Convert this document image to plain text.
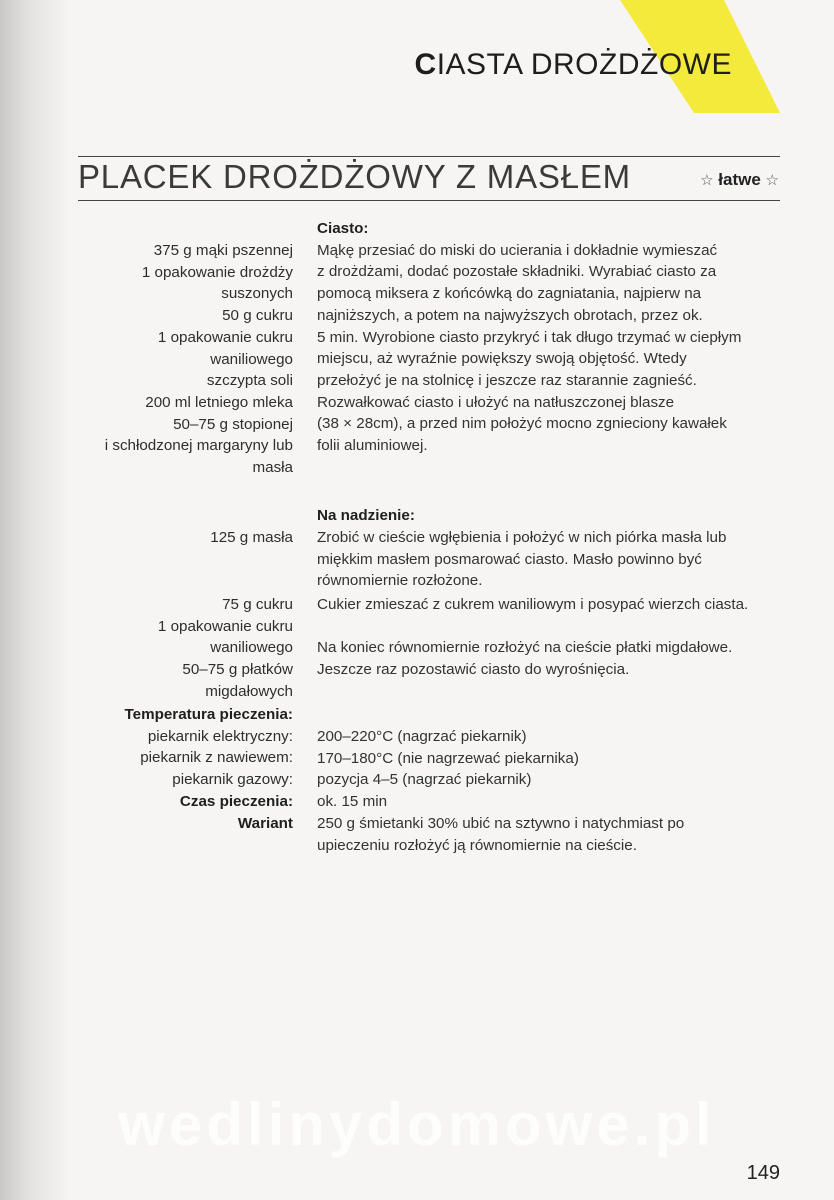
CIASTA DROŻDŻOWE
PLACEK DROŻDŻOWY Z MASŁEM	☆ łatwe ☆
375 g mąki pszennej
1 opakowanie drożdży
suszonych
50 g cukru
1 opakowanie cukru
waniliowego
szczypta soli
200 ml letniego mleka
50–75 g stopionej
i schłodzonej margaryny lub
masła
Ciasto:
Mąkę przesiać do miski do ucierania i dokładnie wymieszać
z drożdżami, dodać pozostałe składniki. Wyrabiać ciasto za
pomocą miksera z końcówką do zagniatania, najpierw na
najniższych, a potem na najwyższych obrotach, przez ok.
5 min. Wyrobione ciasto przykryć i tak długo trzymać w ciepłym
miejscu, aż wyraźnie powiększy swoją objętość. Wtedy
przełożyć je na stolnicę i jeszcze raz starannie zagnieść.
Rozwałkować ciasto i ułożyć na natłuszczonej blasze
(38 × 28cm), a przed nim położyć mocno zgnieciony kawałek
folii aluminiowej.
Na nadzienie:
125 g masła Zrobić w cieście wgłębienia i położyć w nich piórka masła lub
miękkim masłem posmarować ciasto. Masło powinno być
równomiernie rozłożone.
75 g cukru
1 opakowanie cukru
waniliowego
50–75 g płatków
migdałowych
Cukier zmieszać z cukrem waniliowym i posypać wierzch ciasta.

Na koniec równomiernie rozłożyć na cieście płatki migdałowe.
Jeszcze raz pozostawić ciasto do wyrośnięcia.
Temperatura pieczenia:
piekarnik elektryczny:
piekarnik z nawiewem:
piekarnik gazowy:
Czas pieczenia:
Wariant
200–220°C (nagrzać piekarnik)
170–180°C (nie nagrzewać piekarnika)
pozycja 4–5 (nagrzać piekarnik)
ok. 15 min
250 g śmietanki 30% ubić na sztywno i natychmiast po
upieczeniu rozłożyć ją równomiernie na cieście.
wedlinydomowe.pl
149
